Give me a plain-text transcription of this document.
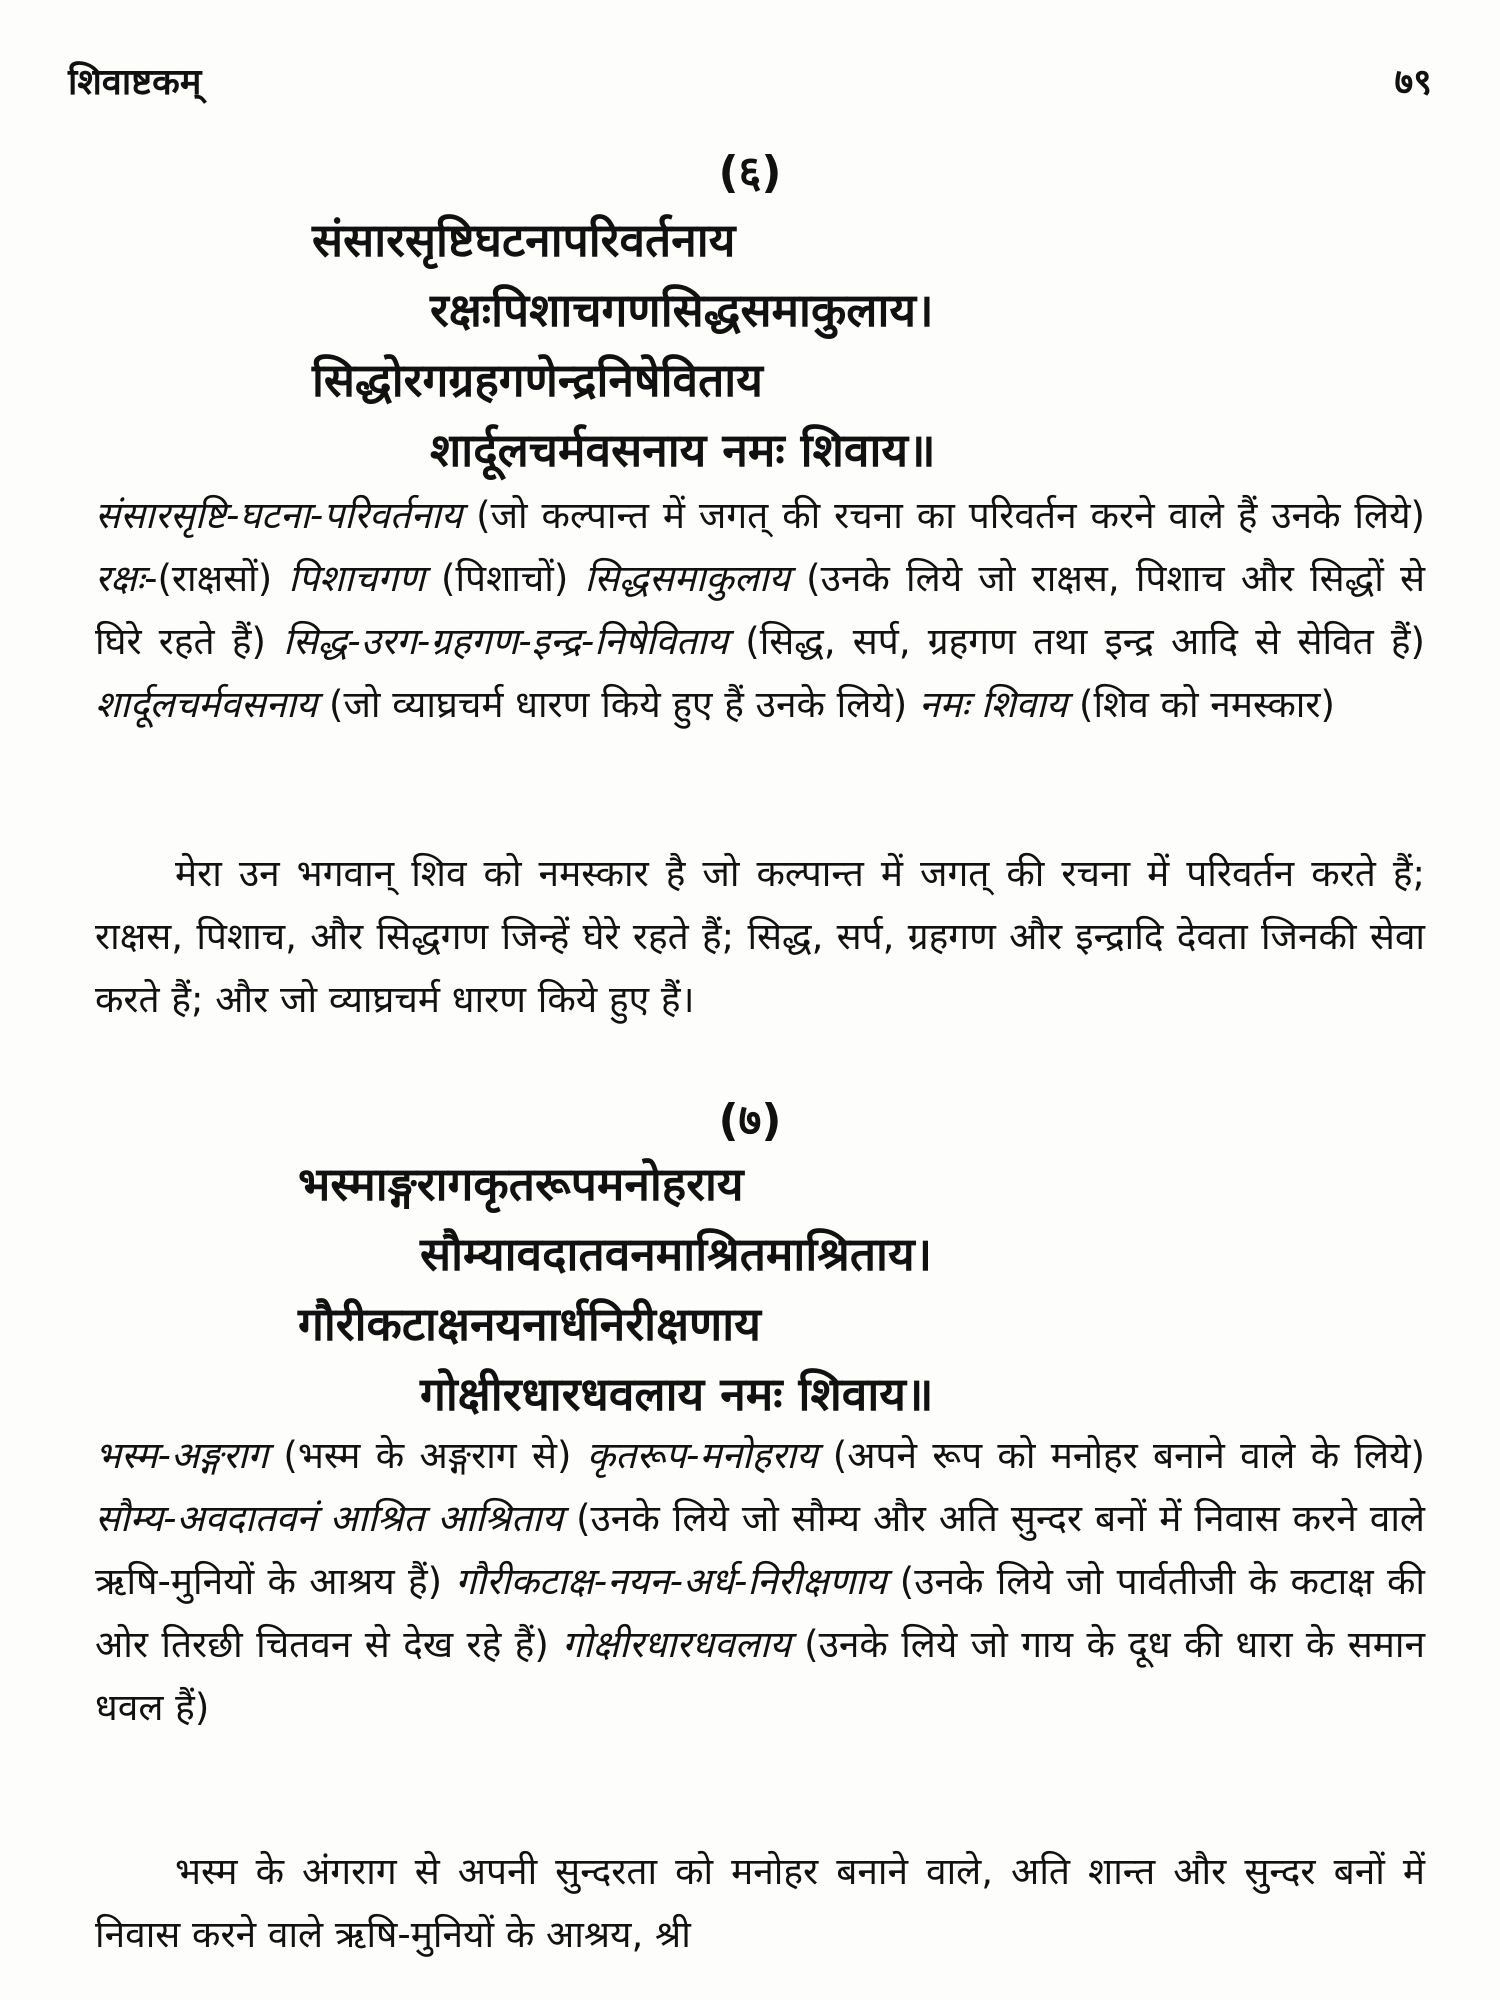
शिवाष्टकम्	७९
(६)
संसारसृष्टिघटनापरिवर्तनाय
रक्षःपिशाचगणसिद्धसमाकुलाय।
सिद्धोरगग्रहगणेन्द्रनिषेविताय
शार्दूलचर्मवसनाय नमः शिवाय॥

संसारसृष्टि-घटना-परिवर्तनाय (जो कल्पान्त में जगत् की रचना का परिवर्तन करने वाले हैं उनके लिये) रक्षः-(राक्षसों) पिशाचगण (पिशाचों) सिद्धसमाकुलाय (उनके लिये जो राक्षस, पिशाच और सिद्धों से घिरे रहते हैं) सिद्ध-उरग-ग्रहगण-इन्द्र-निषेविताय (सिद्ध, सर्प, ग्रहगण तथा इन्द्र आदि से सेवित हैं) शार्दूलचर्मवसनाय (जो व्याघ्रचर्म धारण किये हुए हैं उनके लिये) नमः शिवाय (शिव को नमस्कार)

मेरा उन भगवान् शिव को नमस्कार है जो कल्पान्त में जगत् की रचना में परिवर्तन करते हैं; राक्षस, पिशाच, और सिद्धगण जिन्हें घेरे रहते हैं; सिद्ध, सर्प, ग्रहगण और इन्द्रादि देवता जिनकी सेवा करते हैं; और जो व्याघ्रचर्म धारण किये हुए हैं।

(७)
भस्माङ्गरागकृतरूपमनोहराय
सौम्यावदातवनमाश्रितमाश्रिताय।
गौरीकटाक्षनयनार्धनिरीक्षणाय
गोक्षीरधारधवलाय नमः शिवाय॥

भस्म-अङ्गराग (भस्म के अङ्गराग से) कृतरूप-मनोहराय (अपने रूप को मनोहर बनाने वाले के लिये) सौम्य-अवदातवनं आश्रित आश्रिताय (उनके लिये जो सौम्य और अति सुन्दर बनों में निवास करने वाले ऋषि-मुनियों के आश्रय हैं) गौरीकटाक्ष-नयन-अर्ध-निरीक्षणाय (उनके लिये जो पार्वतीजी के कटाक्ष की ओर तिरछी चितवन से देख रहे हैं) गोक्षीरधारधवलाय (उनके लिये जो गाय के दूध की धारा के समान धवल हैं)

भस्म के अंगराग से अपनी सुन्दरता को मनोहर बनाने वाले, अति शान्त और सुन्दर बनों में निवास करने वाले ऋषि-मुनियों के आश्रय, श्री
